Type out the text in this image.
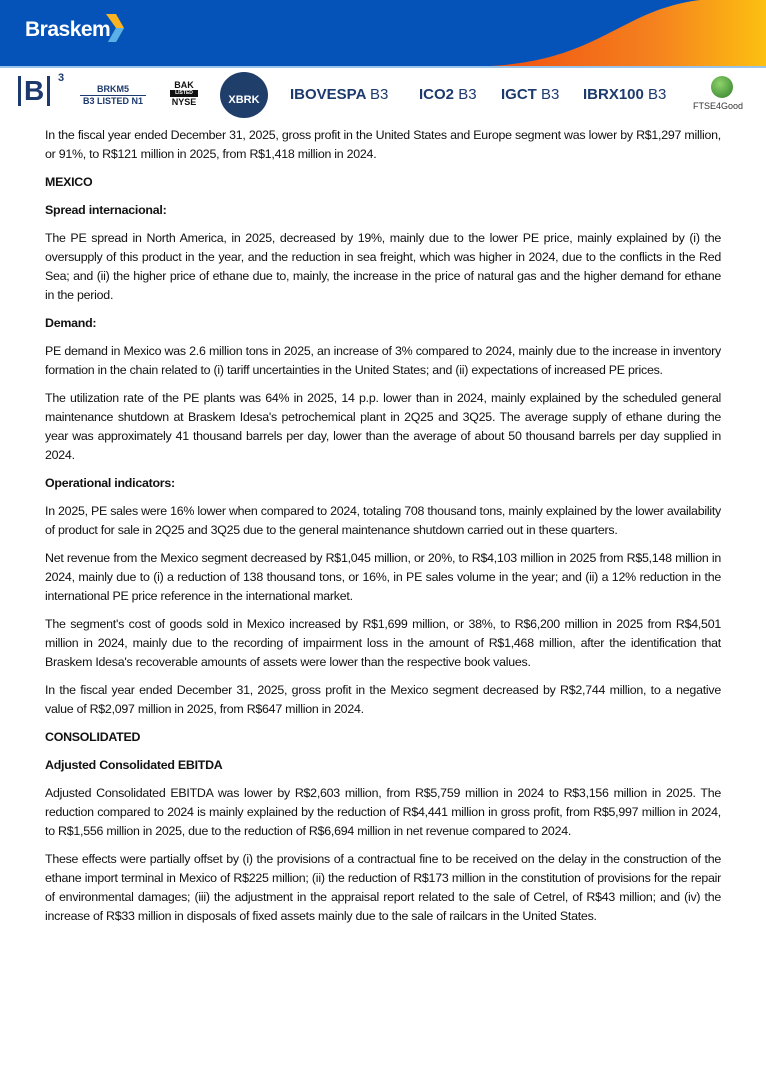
Braskem
B	3
BRKM5
B3 LISTED N1
BAK
LISTED
NYSE	XBRK	IBOVESPA B3 ICO2 B3 IGCT B3 IBRX100 B3
FTSE4Good

In the fiscal year ended December 31, 2025, gross profit in the United States and Europe segment was lower by R$1,297 million, or 91%, to R$121 million in 2025, from R$1,418 million in 2024.

MEXICO
Spread internacional:

The PE spread in North America, in 2025, decreased by 19%, mainly due to the lower PE price, mainly explained by (i) the oversupply of this product in the year, and the reduction in sea freight, which was higher in 2024, due to the conflicts in the Red Sea; and (ii) the higher price of ethane due to, mainly, the increase in the price of natural gas and the higher demand for ethane in the period.

Demand:

PE demand in Mexico was 2.6 million tons in 2025, an increase of 3% compared to 2024, mainly due to the increase in inventory formation in the chain related to (i) tariff uncertainties in the United States; and (ii) expectations of increased PE prices.

The utilization rate of the PE plants was 64% in 2025, 14 p.p. lower than in 2024, mainly explained by the scheduled general maintenance shutdown at Braskem Idesa's petrochemical plant in 2Q25 and 3Q25. The average supply of ethane during the year was approximately 41 thousand barrels per day, lower than the average of about 50 thousand barrels per day supplied in 2024.

Operational indicators:

In 2025, PE sales were 16% lower when compared to 2024, totaling 708 thousand tons, mainly explained by the lower availability of product for sale in 2Q25 and 3Q25 due to the general maintenance shutdown carried out in these quarters.

Net revenue from the Mexico segment decreased by R$1,045 million, or 20%, to R$4,103 million in 2025 from R$5,148 million in 2024, mainly due to (i) a reduction of 138 thousand tons, or 16%, in PE sales volume in the year; and (ii) a 12% reduction in the international PE price reference in the international market.

The segment's cost of goods sold in Mexico increased by R$1,699 million, or 38%, to R$6,200 million in 2025 from R$4,501 million in 2024, mainly due to the recording of impairment loss in the amount of R$1,468 million, after the identification that Braskem Idesa's recoverable amounts of assets were lower than the respective book values.

In the fiscal year ended December 31, 2025, gross profit in the Mexico segment decreased by R$2,744 million, to a negative value of R$2,097 million in 2025, from R$647 million in 2024.

CONSOLIDATED
Adjusted Consolidated EBITDA

Adjusted Consolidated EBITDA was lower by R$2,603 million, from R$5,759 million in 2024 to R$3,156 million in 2025. The reduction compared to 2024 is mainly explained by the reduction of R$4,441 million in gross profit, from R$5,997 million in 2024, to R$1,556 million in 2025, due to the reduction of R$6,694 million in net revenue compared to 2024.

These effects were partially offset by (i) the provisions of a contractual fine to be received on the delay in the construction of the ethane import terminal in Mexico of R$225 million; (ii) the reduction of R$173 million in the constitution of provisions for the repair of environmental damages; (iii) the adjustment in the appraisal report related to the sale of Cetrel, of R$43 million; and (iv) the increase of R$33 million in disposals of fixed assets mainly due to the sale of railcars in the United States.
